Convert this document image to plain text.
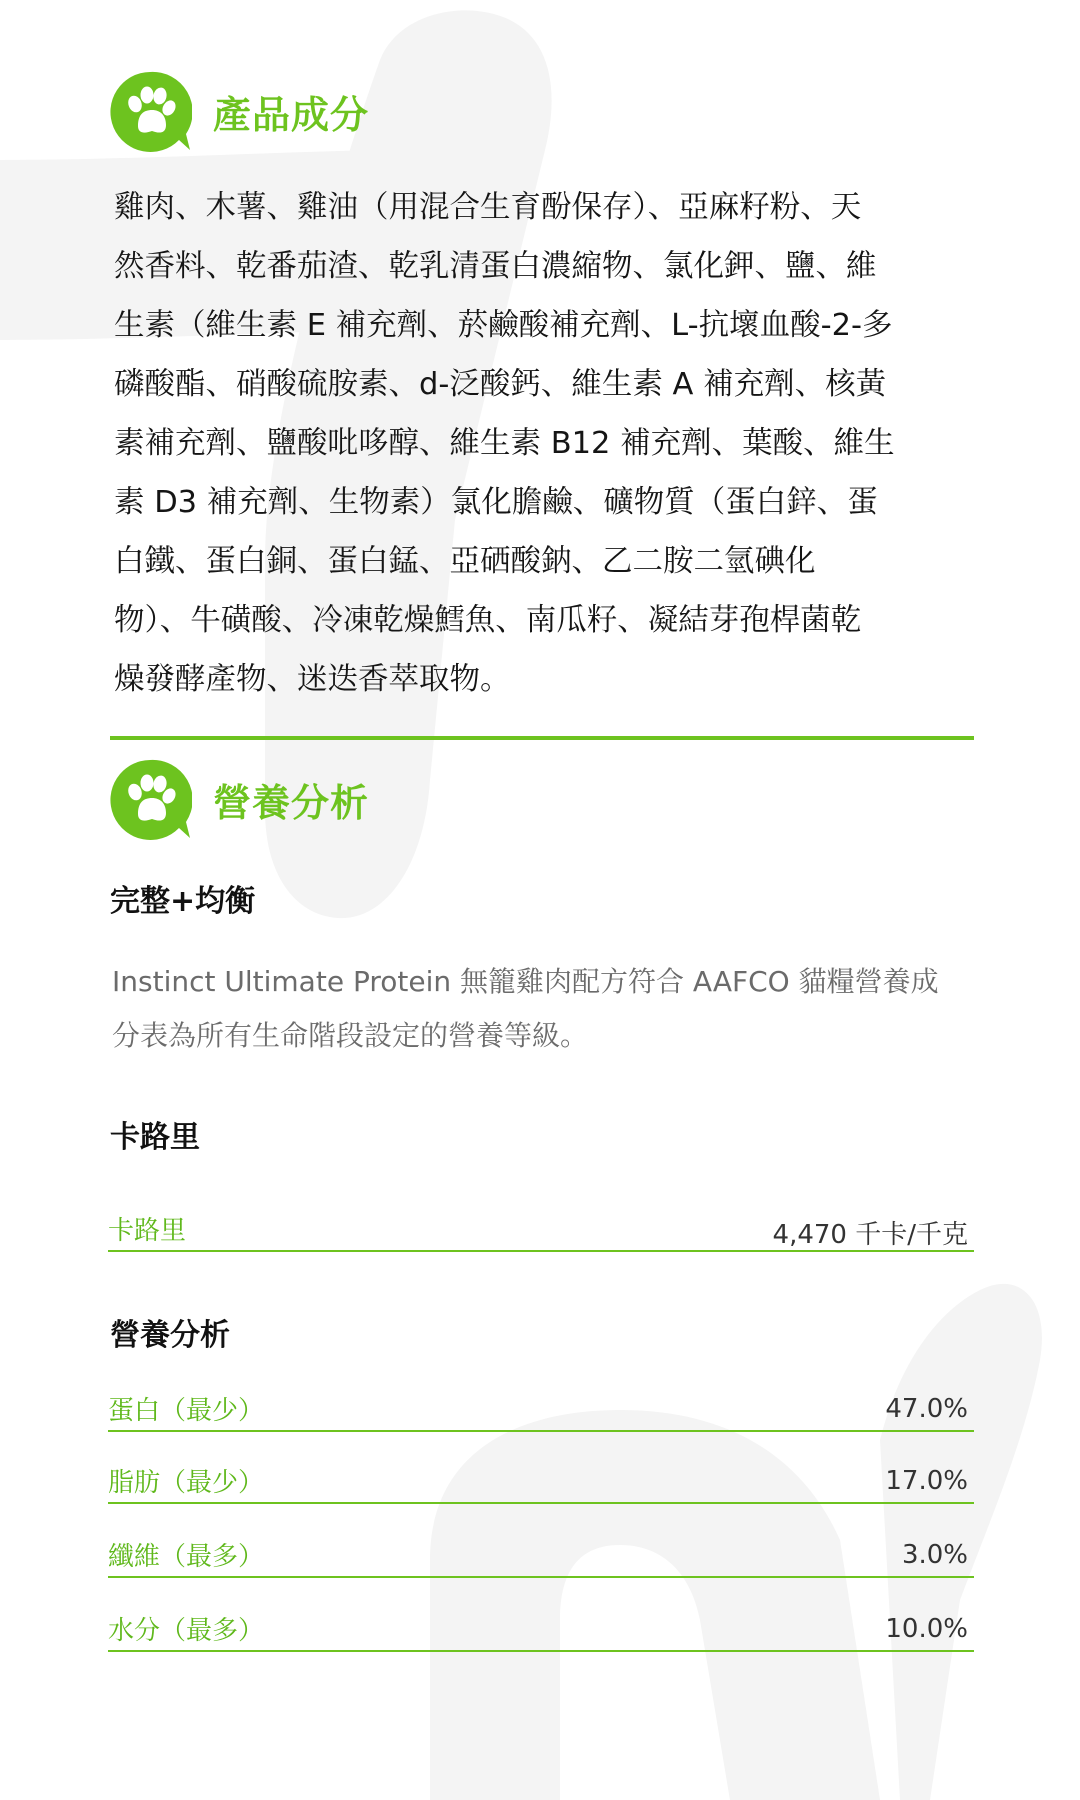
產品成分
雞肉、木薯、雞油（用混合生育酚保存）、亞麻籽粉、天
然香料、乾番茄渣、乾乳清蛋白濃縮物、氯化鉀、鹽、維
生素（維生素 E 補充劑、菸鹼酸補充劑、L-抗壞血酸-2-多
磷酸酯、硝酸硫胺素、d-泛酸鈣、維生素 A 補充劑、核黃
素補充劑、鹽酸吡哆醇、維生素 B12 補充劑、葉酸、維生
素 D3 補充劑、生物素）氯化膽鹼、礦物質（蛋白鋅、蛋
白鐵、蛋白銅、蛋白錳、亞硒酸鈉、乙二胺二氫碘化
物）、牛磺酸、冷凍乾燥鱈魚、南瓜籽、凝結芽孢桿菌乾
燥發酵產物、迷迭香萃取物。
營養分析
完整+均衡
Instinct Ultimate Protein 無籠雞肉配方符合 AAFCO 貓糧營養成
分表為所有生命階段設定的營養等級。
卡路里
卡路里	4,470 千卡/千克
營養分析
蛋白（最少）	47.0%
脂肪（最少）	17.0%
纖維（最多）	3.0%
水分（最多）	10.0%
